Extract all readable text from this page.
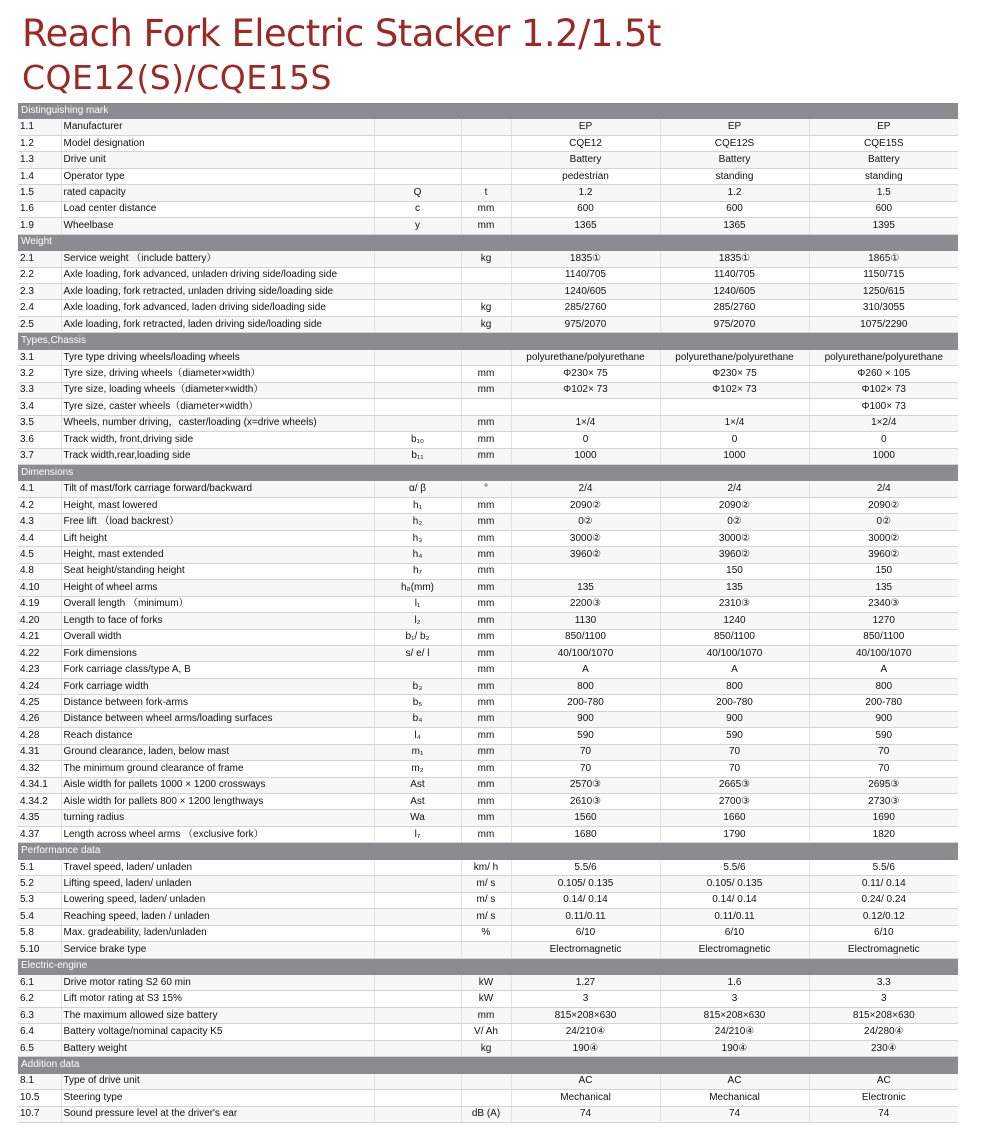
Reach Fork Electric Stacker 1.2/1.5t
CQE12(S)/CQE15S
Distinguishing mark						
1.1	Manufacturer			EP	EP	EP
1.2	Model designation			CQE12	CQE12S	CQE15S
1.3	Drive unit			Battery	Battery	Battery
1.4	Operator type			pedestrian	standing	standing
1.5	rated capacity	Q	t	1.2	1.2	1.5
1.6	Load center distance	c	mm	600	600	600
1.9	Wheelbase	y	mm	1365	1365	1395
Weight						
2.1	Service weight （include battery）		kg	1835①	1835①	1865①
2.2	Axle loading, fork advanced, unladen driving side/loading side			1140/705	1140/705	1150/715
2.3	Axle loading, fork retracted, unladen driving side/loading side			1240/605	1240/605	1250/615
2.4	Axle loading, fork advanced, laden driving side/loading side		kg	285/2760	285/2760	310/3055
2.5	Axle loading, fork retracted, laden driving side/loading side		kg	975/2070	975/2070	1075/2290
Types,Chassis						
3.1	Tyre type driving wheels/loading wheels			polyurethane/polyurethane	polyurethane/polyurethane	polyurethane/polyurethane
3.2	Tyre size, driving wheels（diameter×width）		mm	Φ230× 75	Φ230× 75	Φ260 × 105
3.3	Tyre size, loading wheels（diameter×width）		mm	Φ102× 73	Φ102× 73	Φ102× 73
3.4	Tyre size, caster wheels（diameter×width）					Φ100× 73
3.5	Wheels, number driving，caster/loading (x=drive wheels)		mm	1×/4	1×/4	1×2/4
3.6	Track width, front,driving side	b₁₀	mm	0	0	0
3.7	Track width,rear,loading side	b₁₁	mm	1000	1000	1000
Dimensions						
4.1	Tilt of mast/fork carriage forward/backward	α/ β	°	2/4	2/4	2/4
4.2	Height, mast lowered	h₁	mm	2090②	2090②	2090②
4.3	Free lift （load backrest）	h₂	mm	0②	0②	0②
4.4	Lift height	h₃	mm	3000②	3000②	3000②
4.5	Height, mast extended	h₄	mm	3960②	3960②	3960②
4.8	Seat height/standing height	h₇	mm		150	150
4.10	Height of wheel arms	h₈(mm)	mm	135	135	135
4.19	Overall length （minimum）	l₁	mm	2200③	2310③	2340③
4.20	Length to face of forks	l₂	mm	1130	1240	1270
4.21	Overall width	b₁/ b₂	mm	850/1100	850/1100	850/1100
4.22	Fork dimensions	s/ e/ l	mm	40/100/1070	40/100/1070	40/100/1070
4.23	Fork carriage class/type A, B		mm	A	A	A
4.24	Fork carriage width	b₃	mm	800	800	800
4.25	Distance between fork-arms	b₅	mm	200-780	200-780	200-780
4.26	Distance between wheel arms/loading surfaces	b₄	mm	900	900	900
4.28	Reach distance	l₄	mm	590	590	590
4.31	Ground clearance, laden, below mast	m₁	mm	70	70	70
4.32	The minimum ground clearance of frame	m₂	mm	70	70	70
4.34.1	Aisle width for pallets 1000 × 1200 crossways	Ast	mm	2570③	2665③	2695③
4.34.2	Aisle width for pallets 800 × 1200 lengthways	Ast	mm	2610③	2700③	2730③
4.35	turning radius	Wa	mm	1560	1660	1690
4.37	Length across wheel arms （exclusive fork）	l₇	mm	1680	1790	1820
Performance data						
5.1	Travel speed, laden/ unladen		km/ h	5.5/6	5.5/6	5.5/6
5.2	Lifting speed, laden/ unladen		m/ s	0.105/ 0.135	0.105/ 0.135	0.11/ 0.14
5.3	Lowering speed, laden/ unladen		m/ s	0.14/ 0.14	0.14/ 0.14	0.24/ 0.24
5.4	Reaching speed, laden / unladen		m/ s	0.11/0.11	0.11/0.11	0.12/0.12
5.8	Max. gradeability, laden/unladen		%	6/10	6/10	6/10
5.10	Service brake type			Electromagnetic	Electromagnetic	Electromagnetic
Electric-engine						
6.1	Drive motor rating S2 60 min		kW	1.27	1.6	3.3
6.2	Lift motor rating at S3 15%		kW	3	3	3
6.3	The maximum allowed size battery		mm	815×208×630	815×208×630	815×208×630
6.4	Battery voltage/nominal capacity K5		V/ Ah	24/210④	24/210④	24/280④
6.5	Battery weight		kg	190④	190④	230④
Addition data						
8.1	Type of drive unit			AC	AC	AC
10.5	Steering type			Mechanical	Mechanical	Electronic
10.7	Sound pressure level at the driver's ear		dB (A)	74	74	74
